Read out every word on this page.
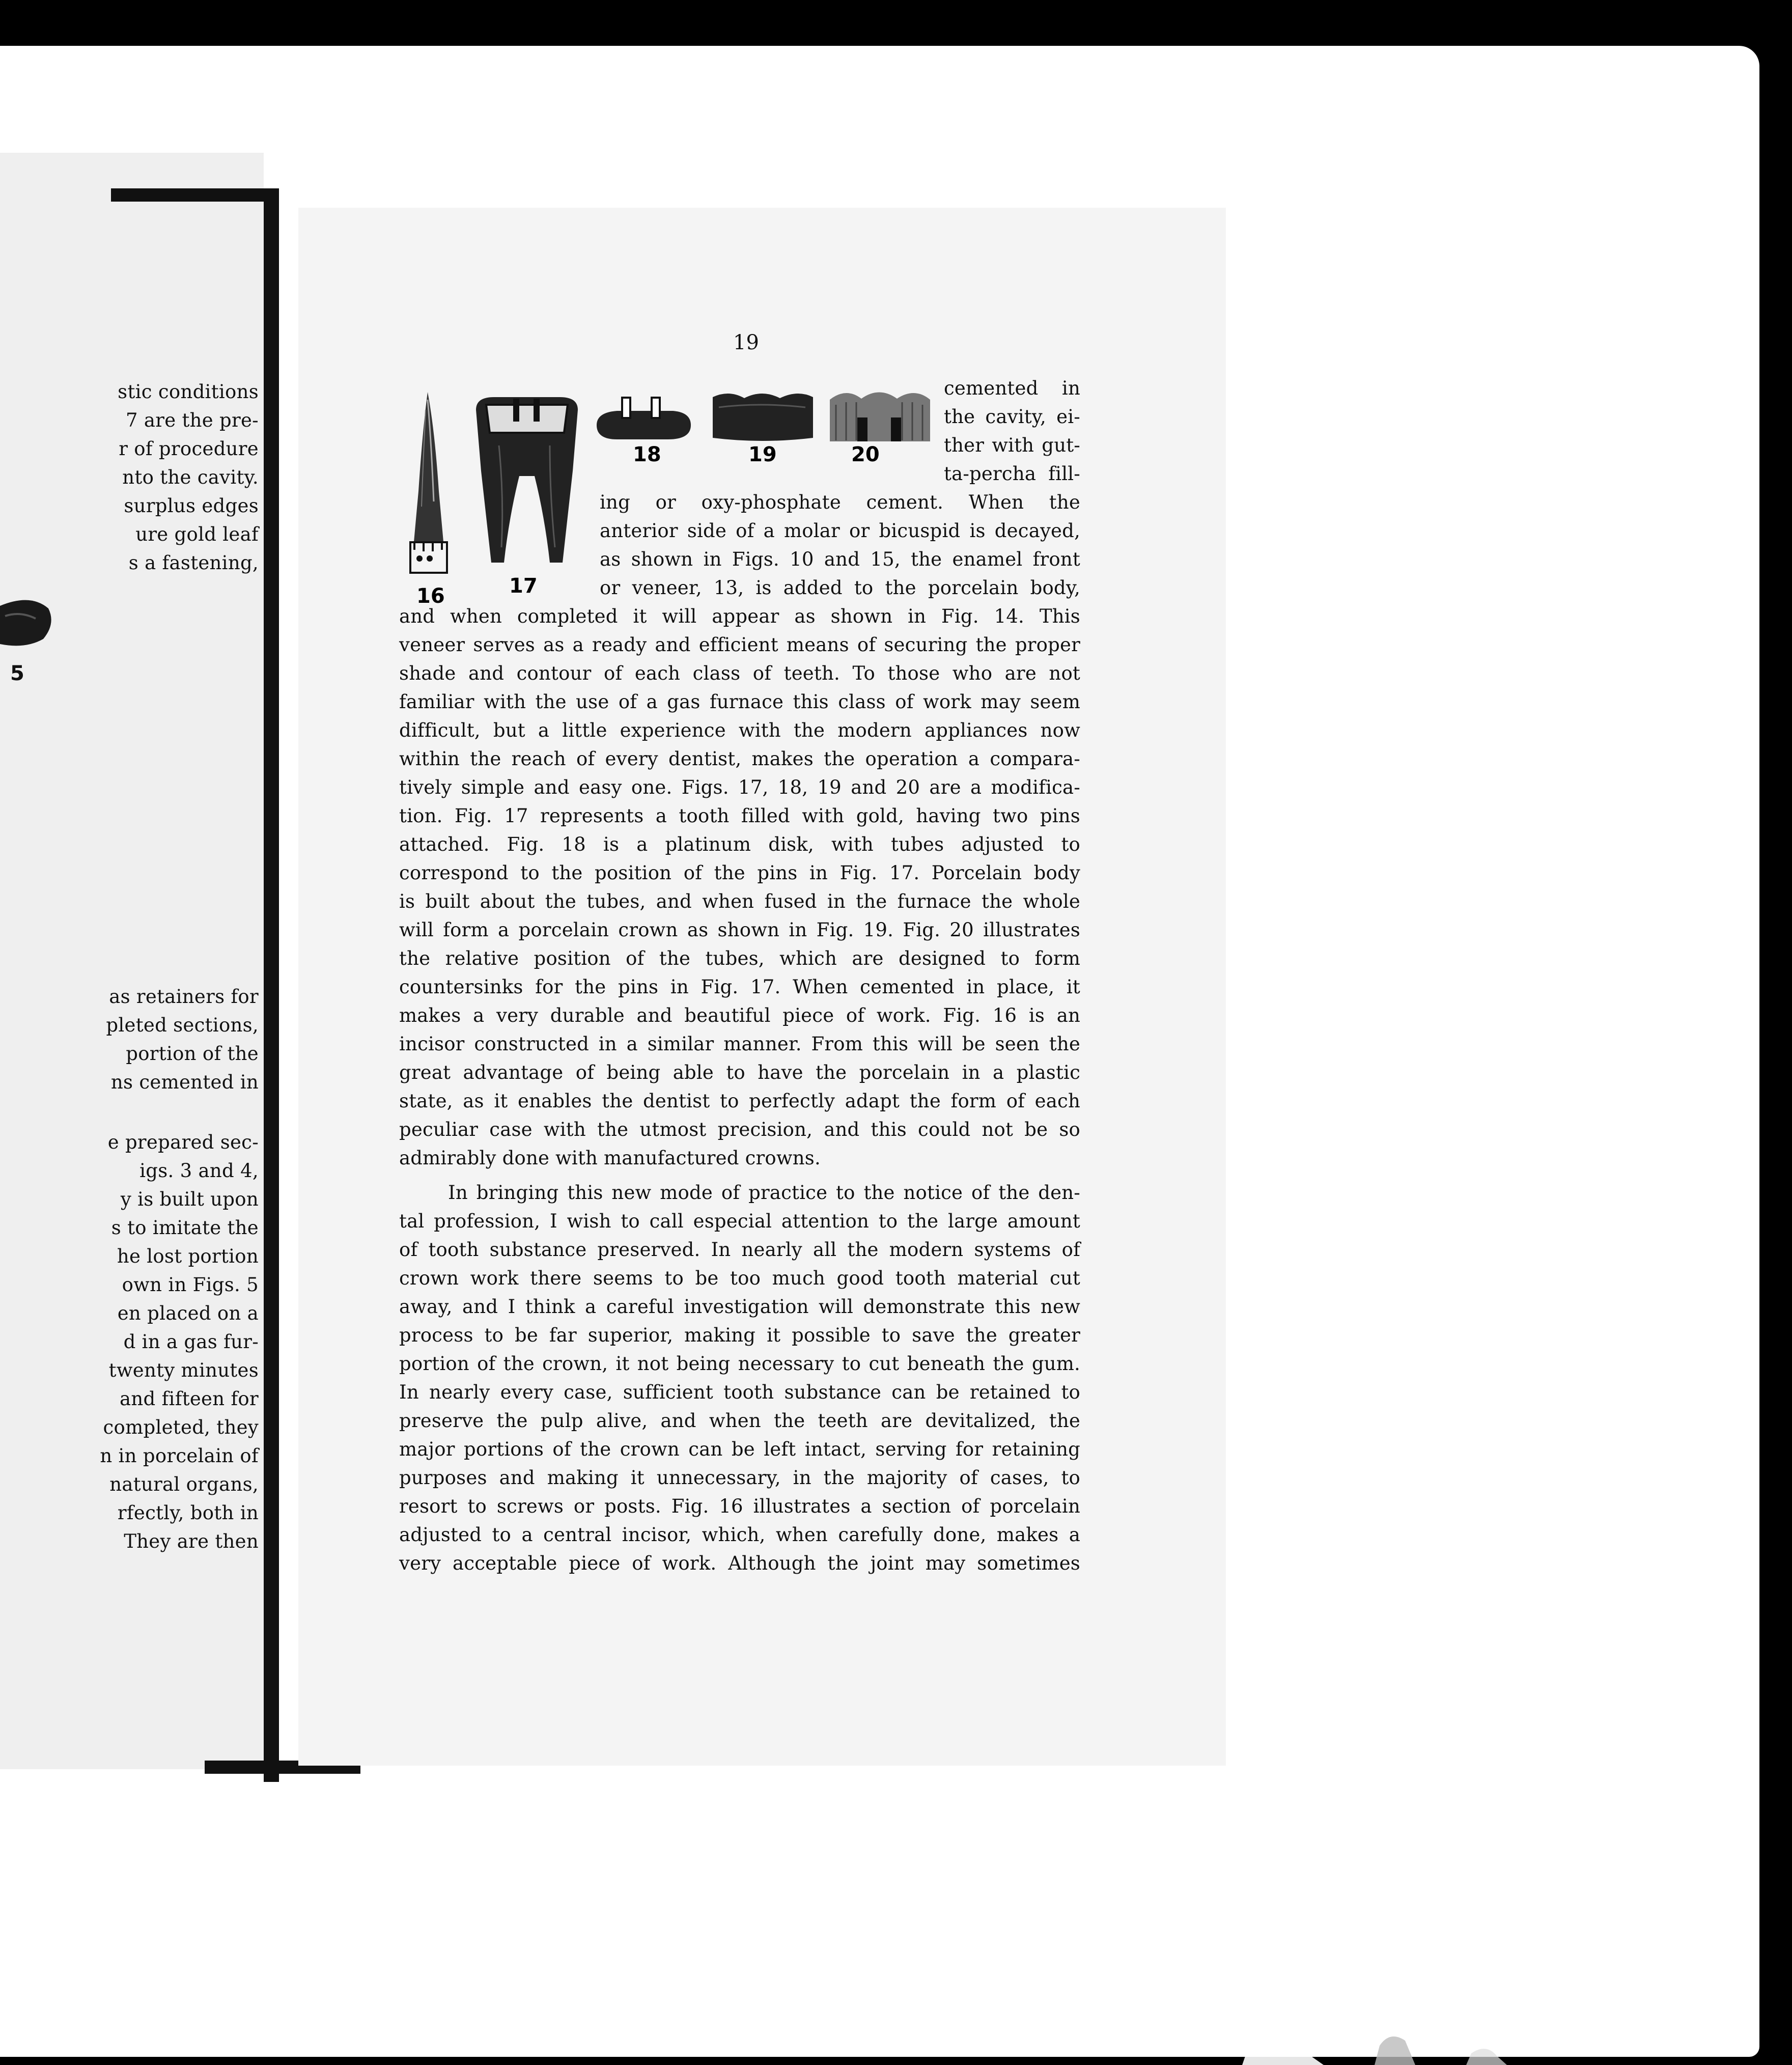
stic conditions
7 are the pre-
r of procedure
nto the cavity.
surplus edges
ure gold leaf
s a fastening,
5
as retainers for
pleted sections,
portion of the
ns cemented in
e prepared sec-
igs. 3 and 4,
y is built upon
s to imitate the
he lost portion
own in Figs. 5
en placed on a
d in a gas fur-
twenty minutes
and fifteen for
completed, they
n in porcelain of
natural organs,
rfectly, both in
They are then
19
16	17
18	19	20
cemented in
the cavity, ei-
ther with gut-
ta-percha fill-
ing or oxy-phosphate cement. When the
anterior side of a molar or bicuspid is decayed,
as shown in Figs. 10 and 15, the enamel front
or veneer, 13, is added to the porcelain body,
and when completed it will appear as shown in Fig. 14. This
veneer serves as a ready and efficient means of securing the proper
shade and contour of each class of teeth. To those who are not
familiar with the use of a gas furnace this class of work may seem
difficult, but a little experience with the modern appliances now
within the reach of every dentist, makes the operation a compara-
tively simple and easy one. Figs. 17, 18, 19 and 20 are a modifica-
tion. Fig. 17 represents a tooth filled with gold, having two pins
attached. Fig. 18 is a platinum disk, with tubes adjusted to
correspond to the position of the pins in Fig. 17. Porcelain body
is built about the tubes, and when fused in the furnace the whole
will form a porcelain crown as shown in Fig. 19. Fig. 20 illustrates
the relative position of the tubes, which are designed to form
countersinks for the pins in Fig. 17. When cemented in place, it
makes a very durable and beautiful piece of work. Fig. 16 is an
incisor constructed in a similar manner. From this will be seen the
great advantage of being able to have the porcelain in a plastic
state, as it enables the dentist to perfectly adapt the form of each
peculiar case with the utmost precision, and this could not be so
admirably done with manufactured crowns.
In bringing this new mode of practice to the notice of the den-
tal profession, I wish to call especial attention to the large amount
of tooth substance preserved. In nearly all the modern systems of
crown work there seems to be too much good tooth material cut
away, and I think a careful investigation will demonstrate this new
process to be far superior, making it possible to save the greater
portion of the crown, it not being necessary to cut beneath the gum.
In nearly every case, sufficient tooth substance can be retained to
preserve the pulp alive, and when the teeth are devitalized, the
major portions of the crown can be left intact, serving for retaining
purposes and making it unnecessary, in the majority of cases, to
resort to screws or posts. Fig. 16 illustrates a section of porcelain
adjusted to a central incisor, which, when carefully done, makes a
very acceptable piece of work. Although the joint may sometimes
